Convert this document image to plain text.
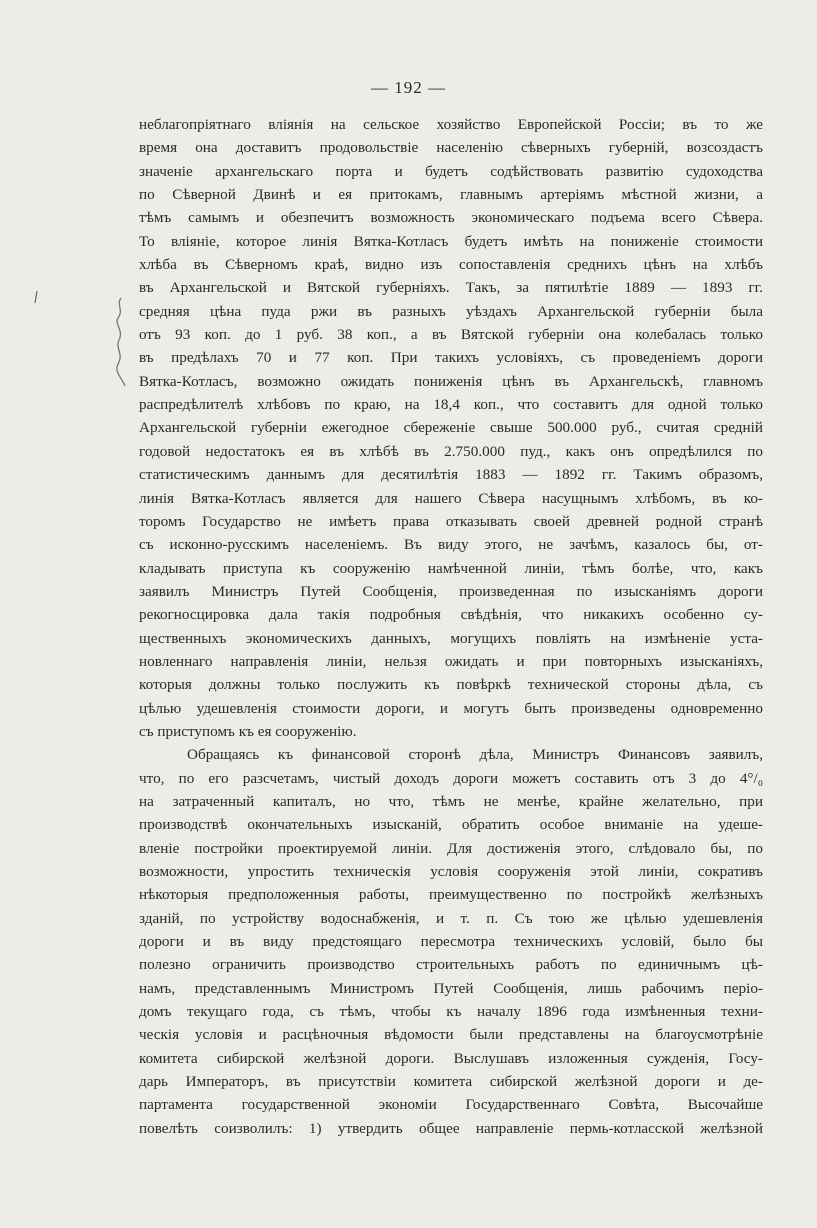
— 192 —
неблагопріятнаго вліянія на сельское хозяйство Европейской Россіи; въ то же
время она доставитъ продовольствіе населенію сѣверныхъ губерній, возсоздастъ
значеніе архангельскаго порта и будетъ содѣйствовать развитію судоходства
по Сѣверной Двинѣ и ея притокамъ, главнымъ артеріямъ мѣстной жизни, а
тѣмъ самымъ и обезпечитъ возможность экономическаго подъема всего Сѣвера.
То вліяніе, которое линія Вятка-Котласъ будетъ имѣть на пониженіе стоимости
хлѣба въ Сѣверномъ краѣ, видно изъ сопоставленія среднихъ цѣнъ на хлѣбъ
въ Архангельской и Вятской губерніяхъ. Такъ, за пятилѣтіе 1889 — 1893 гг.
средняя цѣна пуда ржи въ разныхъ уѣздахъ Архангельской губерніи была
отъ 93 коп. до 1 руб. 38 коп., а въ Вятской губерніи она колебалась только
въ предѣлахъ 70 и 77 коп. При такихъ условіяхъ, съ проведеніемъ дороги
Вятка-Котласъ, возможно ожидать пониженія цѣнъ въ Архангельскѣ, главномъ
распредѣлителѣ хлѣбовъ по краю, на 18,4 коп., что составитъ для одной только
Архангельской губерніи ежегодное сбереженіе свыше 500.000 руб., считая средній
годовой недостатокъ ея въ хлѣбѣ въ 2.750.000 пуд., какъ онъ опредѣлился по
статистическимъ даннымъ для десятилѣтія 1883 — 1892 гг. Такимъ образомъ,
линія Вятка-Котласъ является для нашего Сѣвера насущнымъ хлѣбомъ, въ ко-
торомъ Государство не имѣетъ права отказывать своей древней родной странѣ
съ исконно-русскимъ населеніемъ. Въ виду этого, не зачѣмъ, казалось бы, от-
кладывать приступа къ сооруженію намѣченной линіи, тѣмъ болѣе, что, какъ
заявилъ Министръ Путей Сообщенія, произведенная по изысканіямъ дороги
рекогносцировка дала такія подробныя свѣдѣнія, что никакихъ особенно су-
щественныхъ экономическихъ данныхъ, могущихъ повліять на измѣненіе уста-
новленнаго направленія линіи, нельзя ожидать и при повторныхъ изысканіяхъ,
которыя должны только послужить къ повѣркѣ технической стороны дѣла, съ
цѣлью удешевленія стоимости дороги, и могутъ быть произведены одновременно
съ приступомъ къ ея сооруженію.
Обращаясь къ финансовой сторонѣ дѣла, Министръ Финансовъ заявилъ,
что, по его разсчетамъ, чистый доходъ дороги можетъ составить отъ 3 до 4°/₀
на затраченный капиталъ, но что, тѣмъ не менѣе, крайне желательно, при
производствѣ окончательныхъ изысканій, обратить особое вниманіе на удеше-
вленіе постройки проектируемой линіи. Для достиженія этого, слѣдовало бы, по
возможности, упростить техническія условія сооруженія этой линіи, сокративъ
нѣкоторыя предположенныя работы, преимущественно по постройкѣ желѣзныхъ
зданій, по устройству водоснабженія, и т. п. Съ тою же цѣлью удешевленія
дороги и въ виду предстоящаго пересмотра техническихъ условій, было бы
полезно ограничить производство строительныхъ работъ по единичнымъ цѣ-
намъ, представленнымъ Министромъ Путей Сообщенія, лишь рабочимъ періо-
домъ текущаго года, съ тѣмъ, чтобы къ началу 1896 года измѣненныя техни-
ческія условія и расцѣночныя вѣдомости были представлены на благоусмотрѣніе
комитета сибирской желѣзной дороги. Выслушавъ изложенныя сужденія, Госу-
дарь Императоръ, въ присутствіи комитета сибирской желѣзной дороги и де-
партамента государственной экономіи Государственнаго Совѣта, Высочайше
повелѣть соизволилъ: 1) утвердить общее направленіе пермь-котласской желѣзной
